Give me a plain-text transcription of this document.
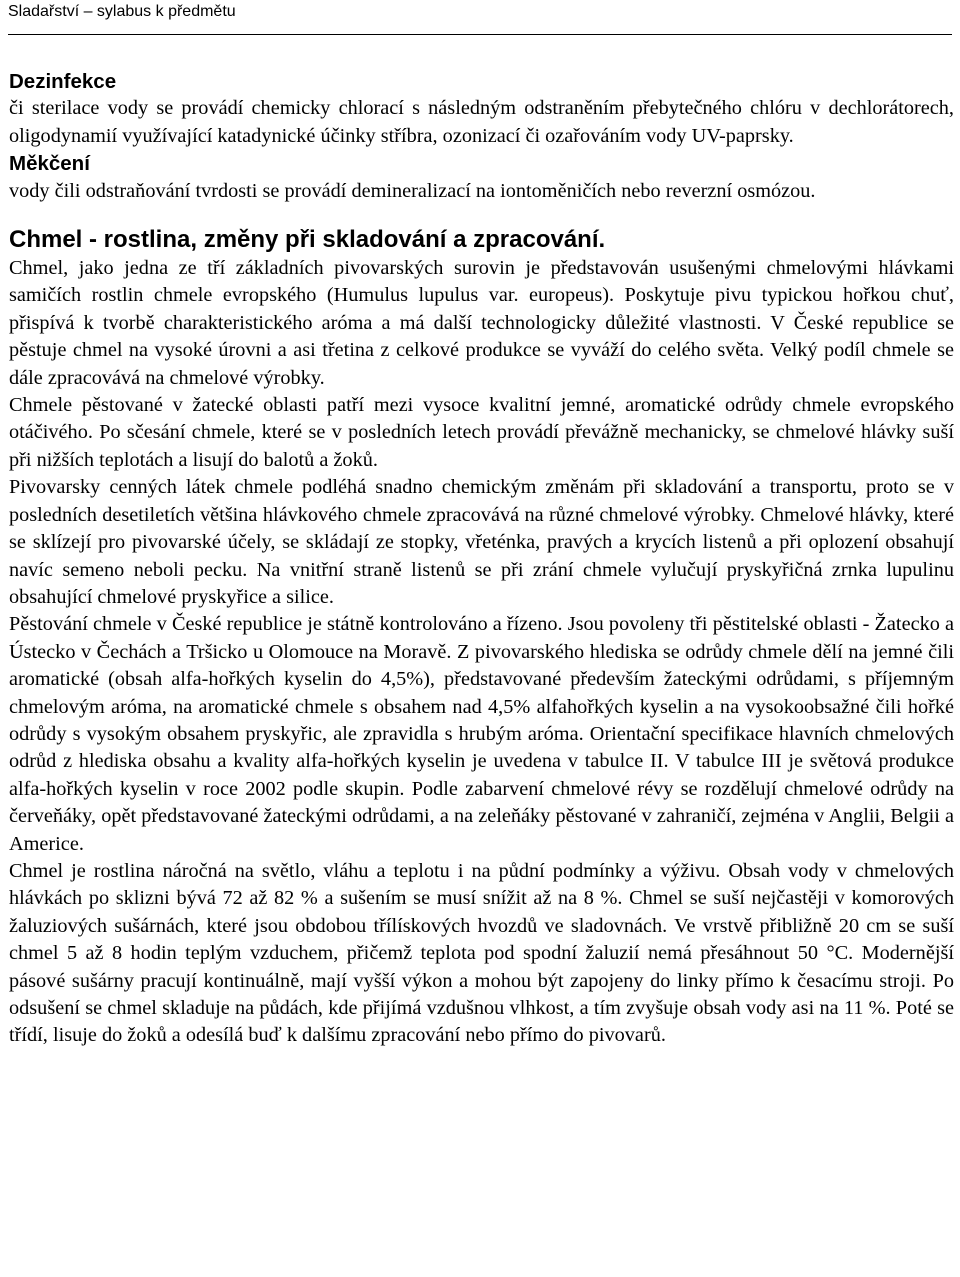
Sladařství – sylabus k předmětu
Dezinfekce

či sterilace vody se provádí chemicky chlorací s následným odstraněním přebytečného chlóru v dechlorátorech, oligodynamií využívající katadynické účinky stříbra, ozonizací či ozařováním vody UV-paprsky.

Měkčení

vody čili odstraňování tvrdosti se provádí demineralizací na iontoměničích nebo reverzní osmózou.

Chmel - rostlina, změny při skladování a zpracování.

Chmel, jako jedna ze tří základních pivovarských surovin je představován usušenými chmelovými hlávkami samičích rostlin chmele evropského (Humulus lupulus var. europeus). Poskytuje pivu typickou hořkou chuť, přispívá k tvorbě charakteristického aróma a má další technologicky důležité vlastnosti. V České republice se pěstuje chmel na vysoké úrovni a asi třetina z celkové produkce se vyváží do celého světa. Velký podíl chmele se dále zpracovává na chmelové výrobky.

Chmele pěstované v žatecké oblasti patří mezi vysoce kvalitní jemné, aromatické odrůdy chmele evropského otáčivého. Po sčesání chmele, které se v posledních letech provádí převážně mechanicky, se chmelové hlávky suší při nižších teplotách a lisují do balotů a žoků.

Pivovarsky cenných látek chmele podléhá snadno chemickým změnám při skladování a transportu, proto se v posledních desetiletích většina hlávkového chmele zpracovává na různé chmelové výrobky. Chmelové hlávky, které se sklízejí pro pivovarské účely, se skládají ze stopky, vřeténka, pravých a krycích listenů a při oplození obsahují navíc semeno neboli pecku. Na vnitřní straně listenů se při zrání chmele vylučují pryskyřičná zrnka lupulinu obsahující chmelové pryskyřice a silice.

Pěstování chmele v České republice je státně kontrolováno a řízeno. Jsou povoleny tři pěstitelské oblasti - Žatecko a Ústecko v Čechách a Tršicko u Olomouce na Moravě. Z pivovarského hlediska se odrůdy chmele dělí na jemné čili aromatické (obsah alfa-hořkých kyselin do 4,5%), představované především žateckými odrůdami, s příjemným chmelovým aróma, na aromatické chmele s obsahem nad 4,5% alfahořkých kyselin a na vysokoobsažné čili hořké odrůdy s vysokým obsahem pryskyřic, ale zpravidla s hrubým aróma. Orientační specifikace hlavních chmelových odrůd z hlediska obsahu a kvality alfa-hořkých kyselin je uvedena v tabulce II. V tabulce III je světová produkce alfa-hořkých kyselin v roce 2002 podle skupin. Podle zabarvení chmelové révy se rozdělují chmelové odrůdy na červeňáky, opět představované žateckými odrůdami, a na zeleňáky pěstované v zahraničí, zejména v Anglii, Belgii a Americe.

Chmel je rostlina náročná na světlo, vláhu a teplotu i na půdní podmínky a výživu. Obsah vody v chmelových hlávkách po sklizni bývá 72 až 82 % a sušením se musí snížit až na 8 %. Chmel se suší nejčastěji v komorových žaluziových sušárnách, které jsou obdobou třílískových hvozdů ve sladovnách. Ve vrstvě přibližně 20 cm se suší chmel 5 až 8 hodin teplým vzduchem, přičemž teplota pod spodní žaluzií nemá přesáhnout 50 °C. Modernější pásové sušárny pracují kontinuálně, mají vyšší výkon a mohou být zapojeny do linky přímo k česacímu stroji. Po odsušení se chmel skladuje na půdách, kde přijímá vzdušnou vlhkost, a tím zvyšuje obsah vody asi na 11 %. Poté se třídí, lisuje do žoků a odesílá buď k dalšímu zpracování nebo přímo do pivovarů.
